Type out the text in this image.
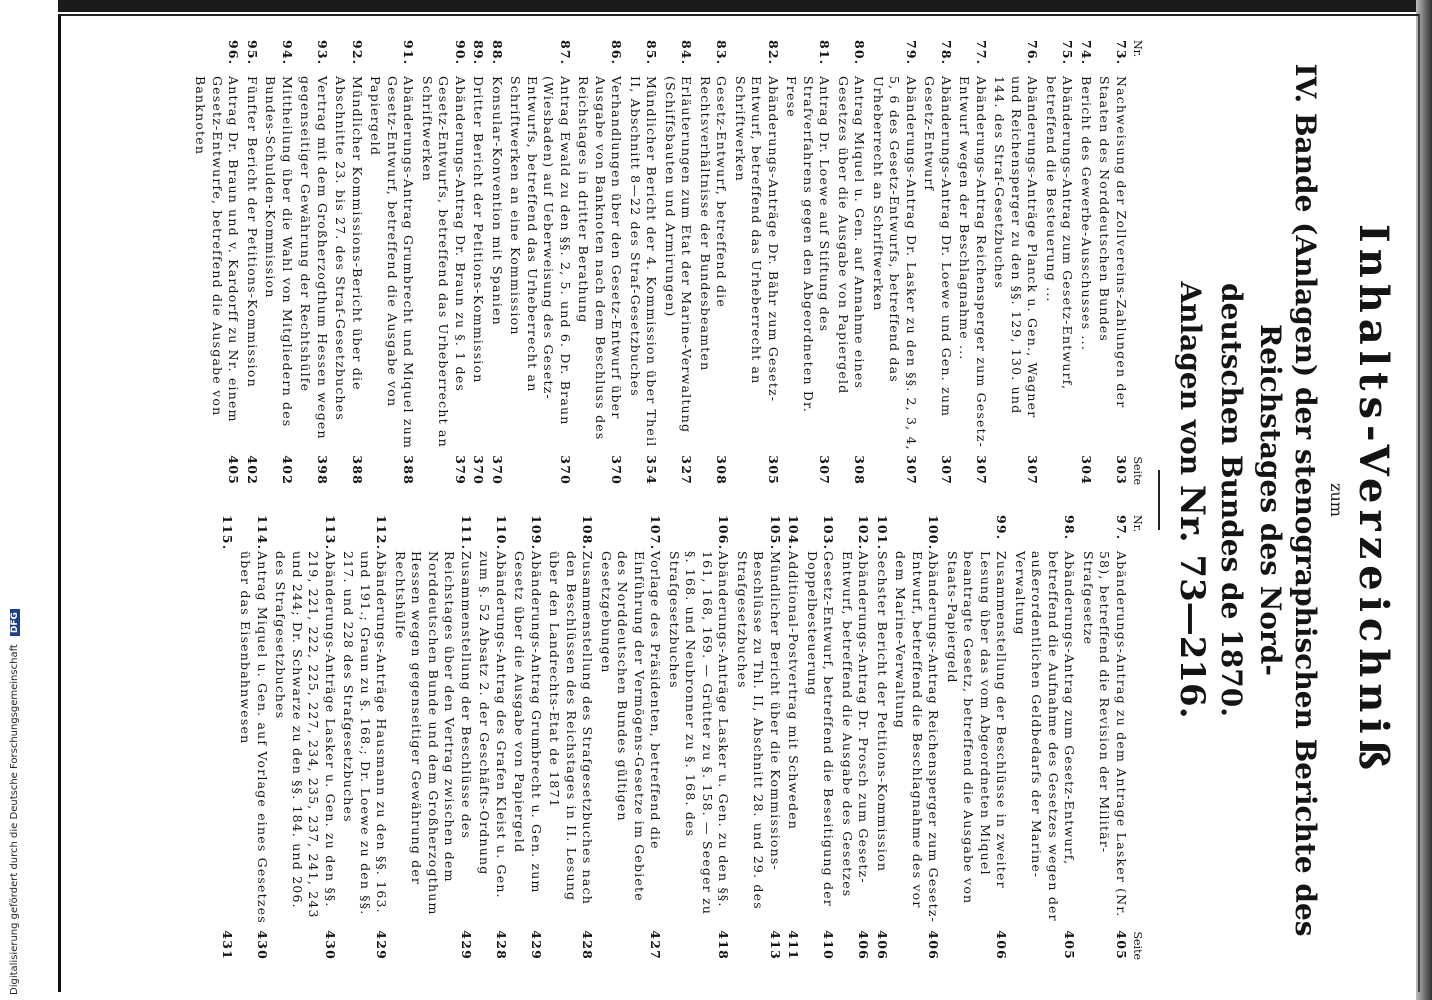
Inhalts-Verzeichniß
zum
IV. Bande (Anlagen) der stenographischen Berichte des Reichstages des Nord-
deutschen Bundes de 1870.
Anlagen von Nr. 73—216.
Nr.
Seite
73.
Nachweisung der Zollvereins-Zahlungen der Staaten des Norddeutschen Bundes
303
74.
Bericht des Gewerbe-Ausschusses ...
304
75.
Abänderungs-Antrag zum Gesetz-Entwurf, betreffend die Besteuerung ...
76.
Abänderungs-Anträge Planck u. Gen., Wagner und Reichensperger zu den §§. 129, 130. und 144. des Straf-Gesetzbuches
307
77.
Abänderungs-Antrag Reichensperger zum Gesetz-Entwurf wegen der Beschlagnahme ...
307
78.
Abänderungs-Antrag Dr. Loewe und Gen. zum Gesetz-Entwurf
307
79.
Abänderungs-Antrag Dr. Lasker zu den §§. 2, 3, 4, 5, 6 des Gesetz-Entwurfs, betreffend das Urheberrecht an Schriftwerken
307
80.
Antrag Miquel u. Gen. auf Annahme eines Gesetzes über die Ausgabe von Papiergeld
308
81.
Antrag Dr. Loewe auf Stiftung des Strafverfahrens gegen den Abgeordneten Dr. Frese
307
82.
Abänderungs-Anträge Dr. Bähr zum Gesetz-Entwurf, betreffend das Urheberrecht an Schriftwerken
305
83.
Gesetz-Entwurf, betreffend die Rechtsverhältnisse der Bundesbeamten
308
84.
Erläuterungen zum Etat der Marine-Verwaltung (Schiffsbauten und Armirungen)
327
85.
Mündlicher Bericht der 4. Kommission über Theil II, Abschnitt 8—22 des Straf-Gesetzbuches
354
86.
Verhandlungen über den Gesetz-Entwurf über Ausgabe von Banknoten nach dem Beschluss des Reichstages in dritter Berathung
370
87.
Antrag Ewald zu den §§. 2, 5. und 6. Dr. Braun (Wiesbaden) auf Ueberweisung des Gesetz-Entwurfs, betreffend das Urheberrecht an Schriftwerken an eine Kommission
370
88.
Konsular-Konvention mit Spanien
370
89.
Dritter Bericht der Petitions-Kommission
370
90.
Abänderungs-Antrag Dr. Braun zu §. 1 des Gesetz-Entwurfs, betreffend das Urheberrecht an Schriftwerken
379
91.
Abänderungs-Antrag Grumbrecht und Miquel zum Gesetz-Entwurf, betreffend die Ausgabe von Papiergeld
388
92.
Mündlicher Kommissions-Bericht über die Abschnitte 23. bis 27. des Straf-Gesetzbuches
388
93.
Vertrag mit dem Großherzogthum Hessen wegen gegenseitiger Gewährung der Rechtshülfe
398
94.
Mittheilung über die Wahl von Mitgliedern des Bundes-Schulden-Kommission
402
95.
Fünfter Bericht der Petitions-Kommission
402
96.
Antrag Dr. Braun und v. Kardorff zu Nr. einem Gesetz-Entwurfe, betreffend die Ausgabe von Banknoten
405
Nr.
Seite
97.
Abänderungs-Antrag zu dem Antrage Lasker (Nr. 58), betreffend die Revision der Militär-Strafgesetze
405
98.
Abänderungs-Antrag zum Gesetz-Entwurf, betreffend die Aufnahme des Gesetzes wegen der außerordentlichen Geldbedarfs der Marine-Verwaltung
405
99.
Zusammenstellung der Beschlüsse in zweiter Lesung über das vom Abgeordneten Miquel beantragte Gesetz, betreffend die Ausgabe von Staats-Papiergeld
406
100.
Abänderungs-Antrag Reichensperger zum Gesetz-Entwurf, betreffend die Beschlagnahme des vor dem Marine-Verwaltung
406
101.
Sechster Bericht der Petitions-Kommission
406
102.
Abänderungs-Antrag Dr. Prosch zum Gesetz-Entwurf, betreffend die Ausgabe des Gesetzes
406
103.
Gesetz-Entwurf, betreffend die Beseitigung der Doppelbesteuerung
410
104.
Additional-Postvertrag mit Schweden
411
105.
Mündlicher Bericht über die Kommissions-Beschlüsse zu Thl. II, Abschnitt 28. und 29. des Strafgesetzbuches
413
106.
Abänderungs-Anträge Lasker u. Gen. zu den §§. 161, 168, 169. — Grütter zu §. 158. — Seeger zu §. 168. und Neubronner zu §. 168. des Strafgesetzbuches
418
107.
Vorlage des Präsidenten, betreffend die Einführung der Vermögens-Gesetze im Gebiete des Norddeutschen Bundes gültigen Gesetzgebungen
427
108.
Zusammenstellung des Strafgesetzbuches nach den Beschlüssen des Reichstages in II. Lesung über den Landrechts-Etat de 1871
428
109.
Abänderungs-Antrag Grumbrecht u. Gen. zum Gesetz über die Ausgabe von Papiergeld
429
110.
Abänderungs-Antrag des Grafen Kleist u. Gen. zum §. 52 Absatz 2. der Geschäfts-Ordnung
428
111.
Zusammenstellung der Beschlüsse des Reichstages über den Vertrag zwischen dem Norddeutschen Bunde und dem Großherzogthum Hessen wegen gegenseitiger Gewährung der Rechtshülfe
429
112.
Abänderungs-Anträge Hausmann zu den §§. 163. und 191.; Graun zu §. 168.; Dr. Loewe zu den §§. 217. und 228 des Strafgesetzbuches
429
113.
Abänderungs-Anträge Lasker u. Gen. zu den §§. 219, 221, 222, 225, 227, 234, 235, 237, 241, 243 und 244; Dr. Schwarze zu den §§. 184. und 206. des Strafgesetzbuches
430
114.
Antrag Miquel u. Gen. auf Vorlage eines Gesetzes über das Eisenbahnwesen
430
115.
431
Digitalisierung gefördert durch die Deutsche ForschungsgemeinschaftDFG
